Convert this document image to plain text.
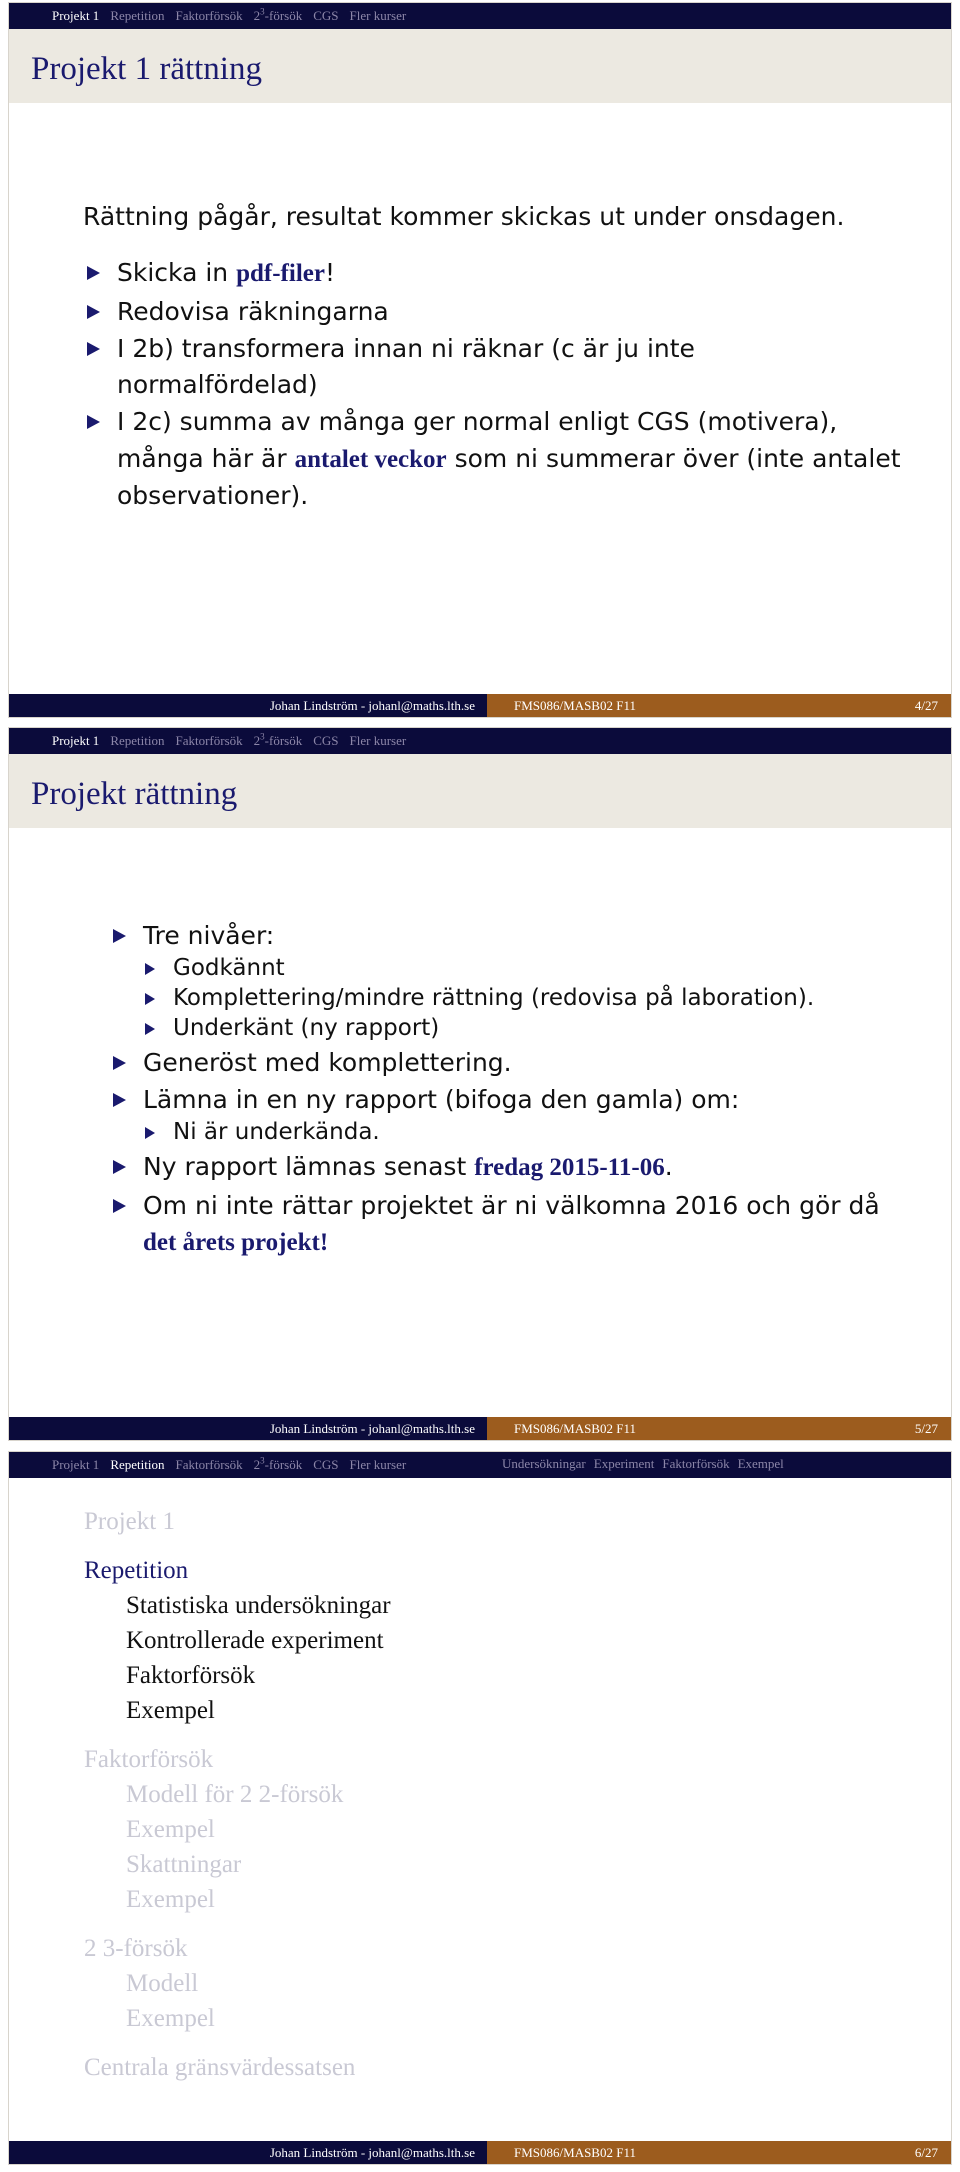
Projekt 1 Repetition Faktorförsök $2^3$-försök CGS Fler kurser
Projekt 1 rättning

Rättning pågår, resultat kommer skickas ut under onsdagen.

Skicka in pdf-filer!
Redovisa räkningarna
I 2b) transformera innan ni räknar (c är ju inte normalfördelad)
I 2c) summa av många ger normal enligt CGS (motivera), många här är antalet veckor som ni summerar över (inte antalet observationer).
Johan Lindström - johanl@maths.lth.se	FMS086/MASB02 F11	4/27
Projekt 1 Repetition Faktorförsök $2^3$-försök CGS Fler kurser
Projekt rättning
Tre nivåer:
Godkännt
Komplettering/mindre rättning (redovisa på laboration).
Underkänt (ny rapport)
Generöst med komplettering.
Lämna in en ny rapport (bifoga den gamla) om:
Ni är underkända.
Ny rapport lämnas senast fredag 2015-11-06.
Om ni inte rättar projektet är ni välkomna 2016 och gör då det årets projekt!
Johan Lindström - johanl@maths.lth.se	FMS086/MASB02 F11	5/27
Projekt 1 Repetition Faktorförsök $2^3$-försök CGS Fler kurser	Undersökningar Experiment Faktorförsök Exempel
Projekt 1
Repetition
Statistiska undersökningar
Kontrollerade experiment
Faktorförsök
Exempel
Faktorförsök
Modell för 2 2-försök
Exempel
Skattningar
Exempel
2 3-försök
Modell
Exempel
Centrala gränsvärdessatsen
Johan Lindström - johanl@maths.lth.se	FMS086/MASB02 F11	6/27
